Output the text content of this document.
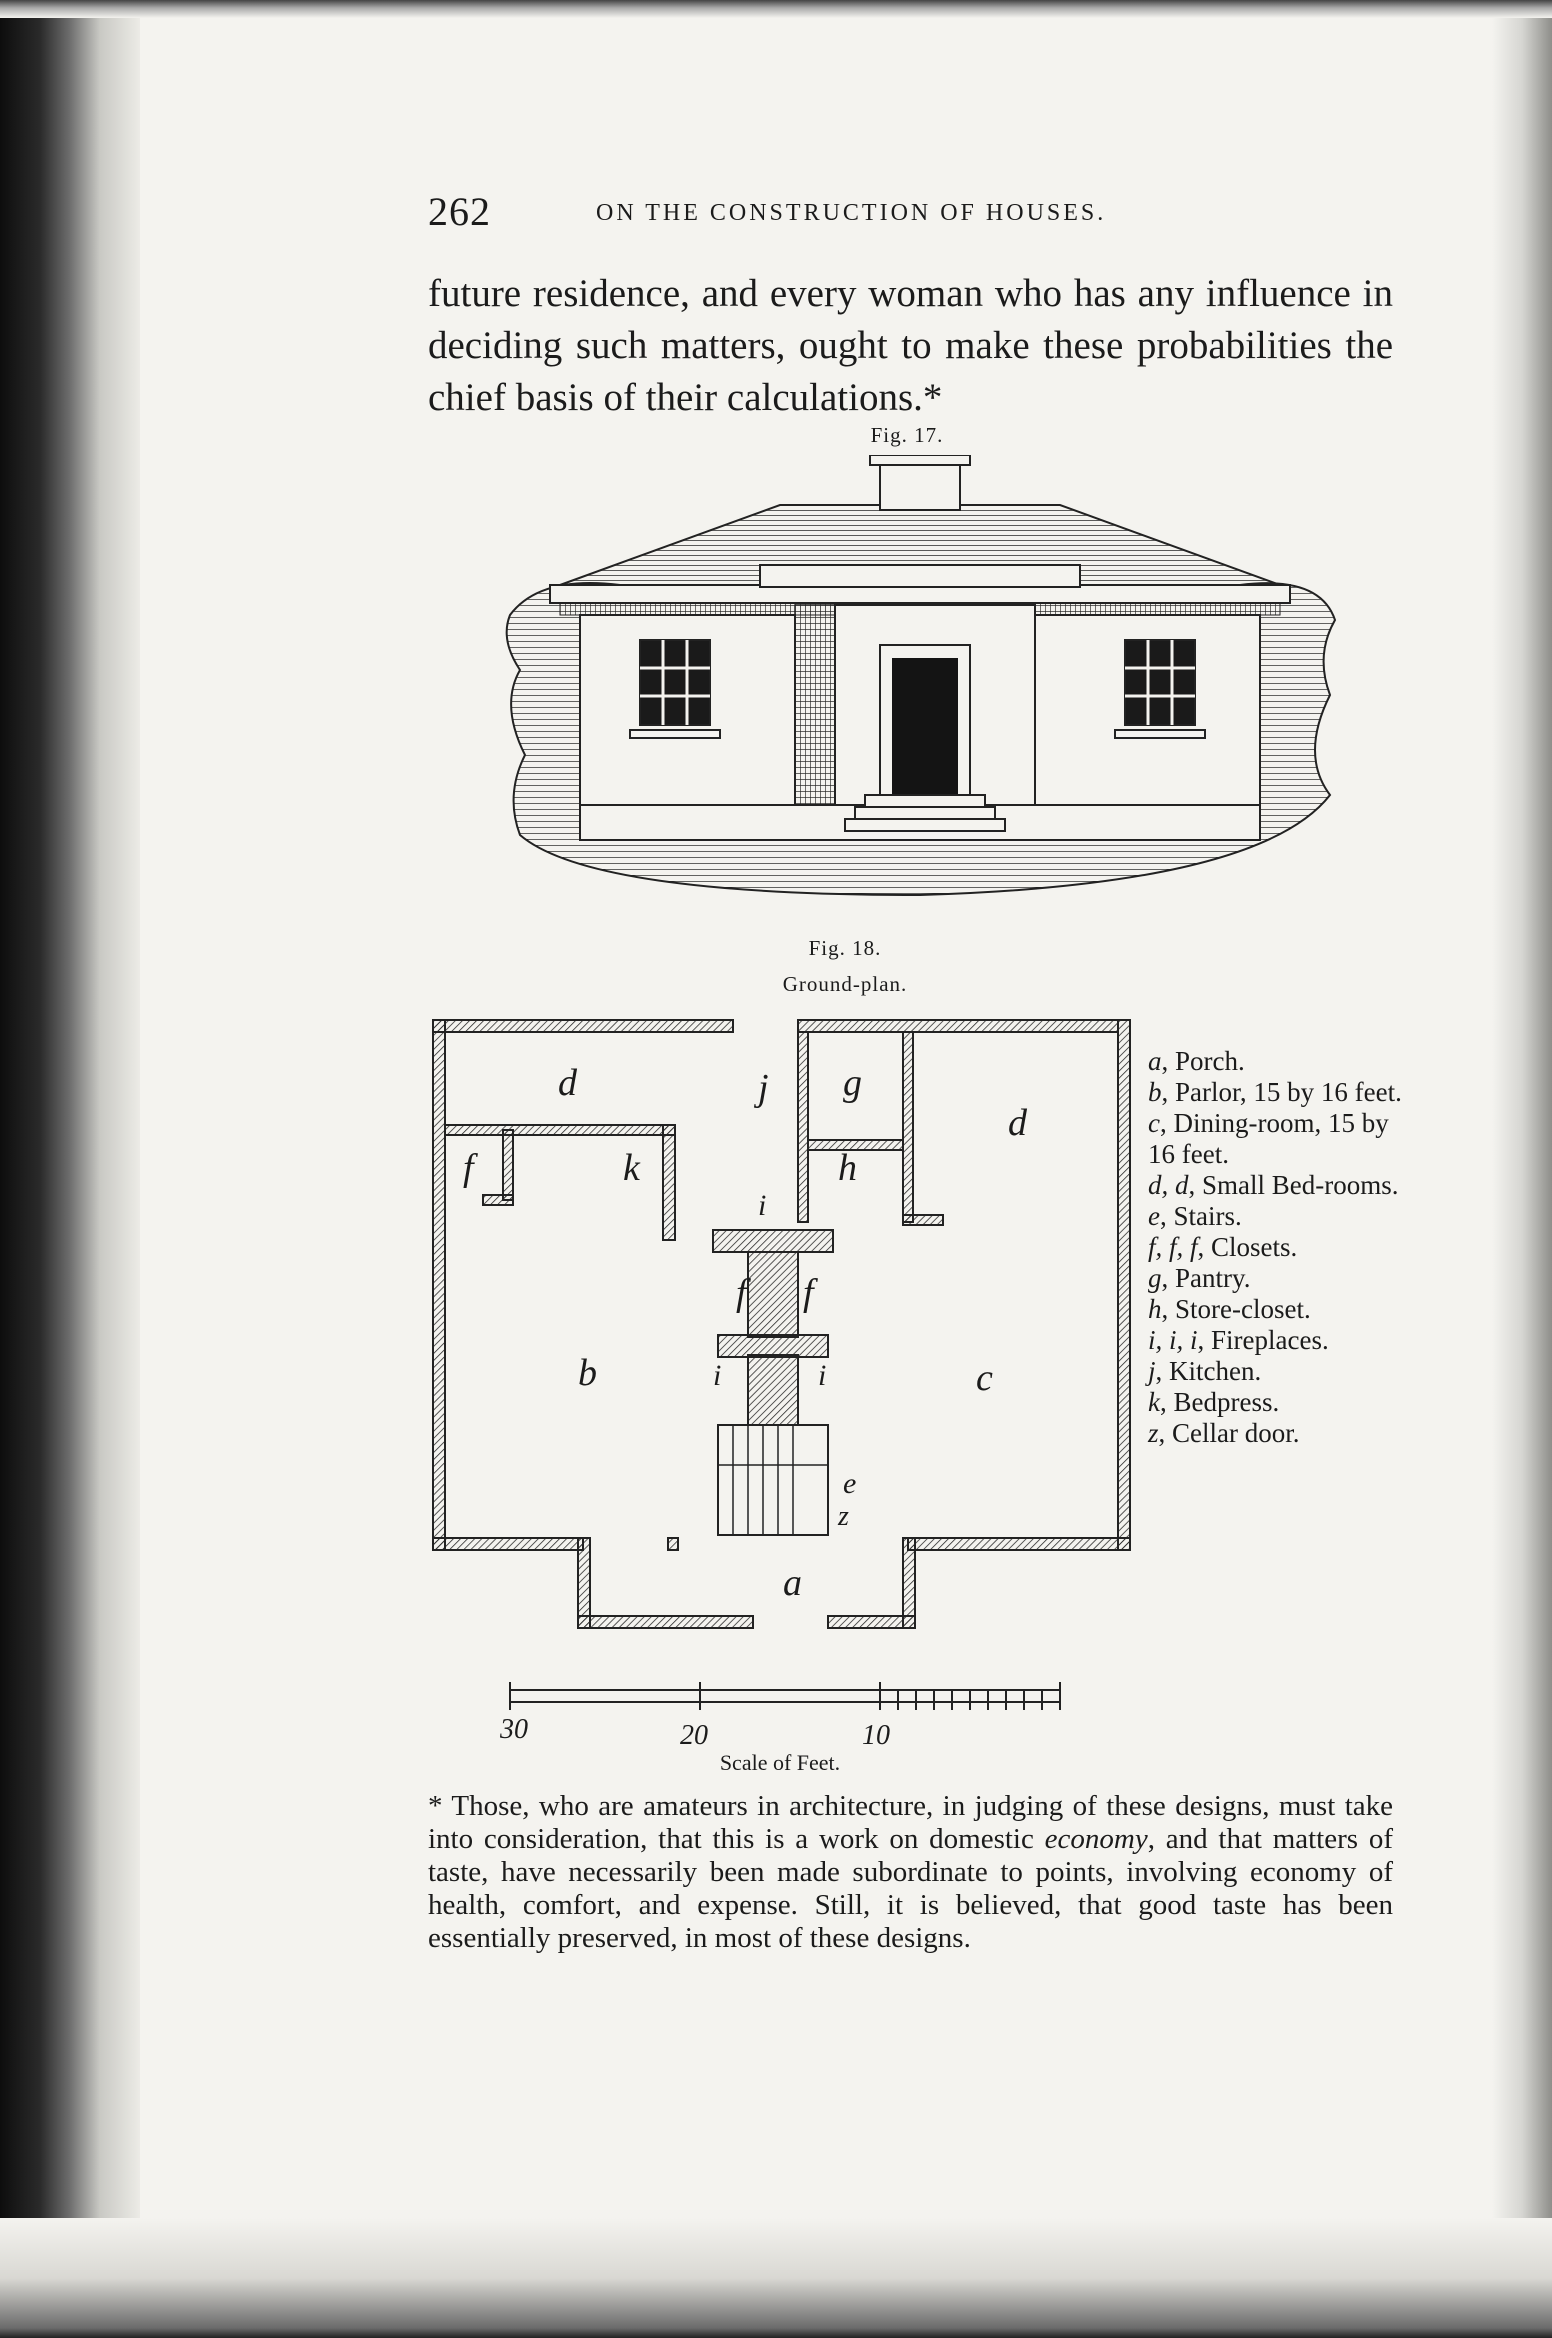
262	ON THE CONSTRUCTION OF HOUSES.

future residence, and every woman who has any influence in deciding such matters, ought to make these probabilities the chief basis of their calculations.*

Fig. 17.
Fig. 18.
Ground-plan.
d	j g
d
f	k	h
i
f f
b	i	i	c
e
z
a

a, Porch.

b, Parlor, 15 by 16 feet.

c, Dining-room, 15 by 16 feet.

d, d, Small Bed-rooms.

e, Stairs.

f, f, f, Closets.

g, Pantry.

h, Store-closet.

i, i, i, Fireplaces.

j, Kitchen.

k, Bedpress.

z, Cellar door.

30	20	10
Scale of Feet.

* Those, who are amateurs in architecture, in judging of these designs, must take into consideration, that this is a work on domestic economy, and that matters of taste, have necessarily been made subordinate to points, involving economy of health, comfort, and expense. Still, it is believed, that good taste has been essentially preserved, in most of these designs.
